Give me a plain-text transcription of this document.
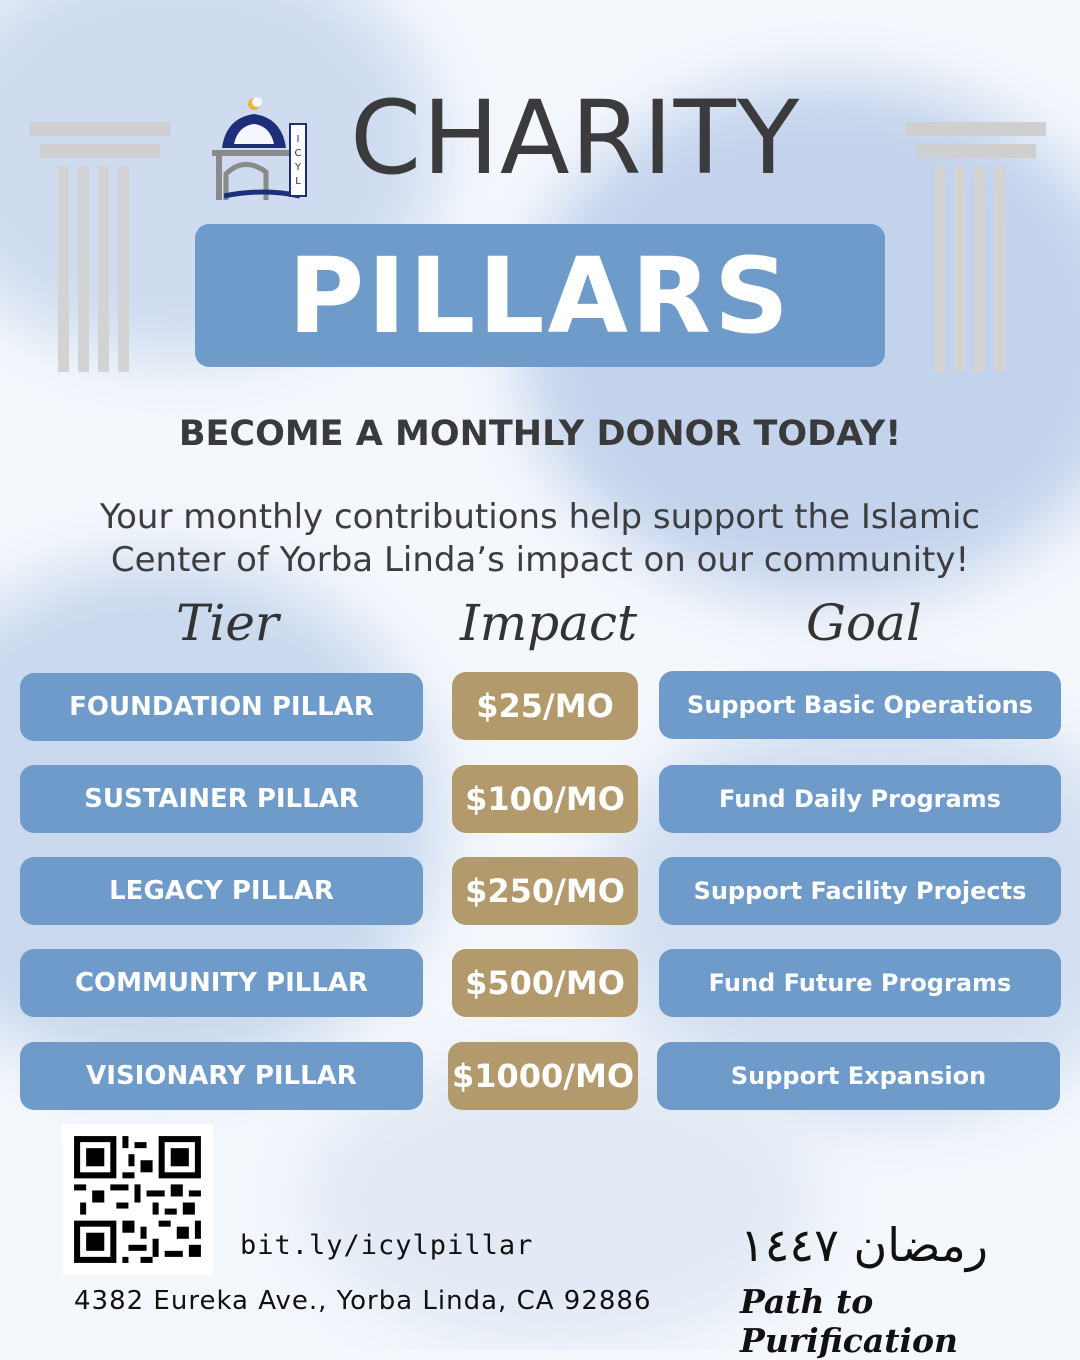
I
C
Y
L CHARITY
PILLARS
BECOME A MONTHLY DONOR TODAY!
Your monthly contributions help support the Islamic
Center of Yorba Linda’s impact on our community!
Tier	Impact	Goal
FOUNDATION PILLAR	$25/MO	Support Basic Operations
SUSTAINER PILLAR	$100/MO	Fund Daily Programs
LEGACY PILLAR	$250/MO	Support Facility Projects
COMMUNITY PILLAR	$500/MO	Fund Future Programs
VISIONARY PILLAR	$1000/MO	Support Expansion
bit.ly/icylpillar
4382 Eureka Ave., Yorba Linda, CA 92886
رمضان ١٤٤٧
Path to Purification
